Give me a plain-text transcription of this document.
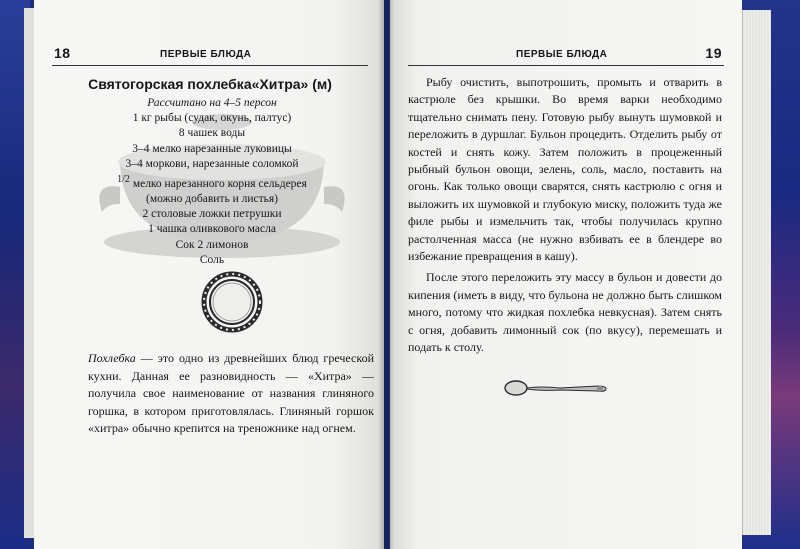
18	ПЕРВЫЕ БЛЮДА
Святогорская похлебка«Хитра» (м)
Рассчитано на 4–5 персон
1 кг рыбы (судак, окунь, палтус)
8 чашек воды
3–4 мелко нарезанные луковицы
3–4 моркови, нарезанные соломкой
1/2 мелко нарезанного корня сельдерея
(можно добавить и листья)
2 столовые ложки петрушки
1 чашка оливкового масла
Сок 2 лимонов
Соль
Похлебка — это одно из древнейших блюд греческой кухни. Данная ее разновидность — «Хитра» — получила свое наименование от названия глиняного горшка, в котором приготовлялась. Глиняный горшок «хитра» обычно крепится на треножнике над огнем.
ПЕРВЫЕ БЛЮДА	19

Рыбу очистить, выпотрошить, промыть и отварить в кастрюле без крышки. Во время варки необходимо тщательно снимать пену. Готовую рыбу вынуть шумовкой и переложить в дуршлаг. Бульон процедить. Отделить рыбу от костей и снять кожу. Затем положить в процеженный рыбный бульон овощи, зелень, соль, масло, поставить на огонь. Как только овощи сварятся, снять кастрюлю с огня и выложить их шумовкой и глубокую миску, положить туда же филе рыбы и измельчить так, чтобы получилась крупно растолченная масса (не нужно взбивать ее в блендере во избежание превращения в кашу).

После этого переложить эту массу в бульон и довести до кипения (иметь в виду, что бульона не должно быть слишком много, потому что жидкая похлебка невкусная). Затем снять с огня, добавить лимонный сок (по вкусу), перемешать и подать к столу.
